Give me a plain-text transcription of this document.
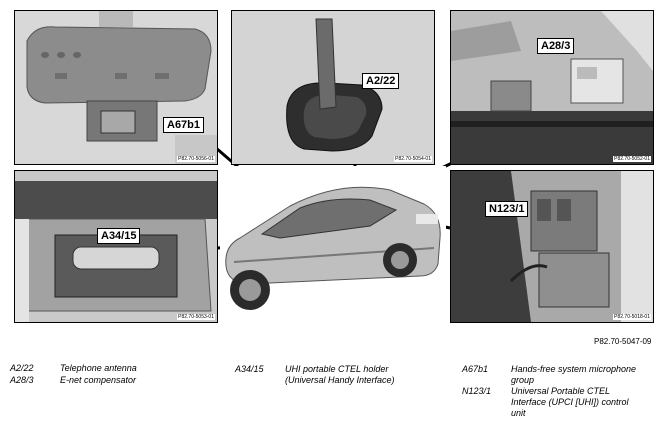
A67b1
P82.70-5056-01
A2/22
P82.70-5054-01
A28/3
P82.70-5052-01
A34/15
P82.70-5053-01
N123/1
P82.70-5018-01
P82.70-5047-09
A2/22	Telephone antenna
A28/3	E-net compensator
A34/15 UHI portable CTEL holder (Universal Handy Interface)
A67b1	Hands-free system microphone group
N123/1 Universal Portable CTEL Interface (UPCI [UHI]) control unit
